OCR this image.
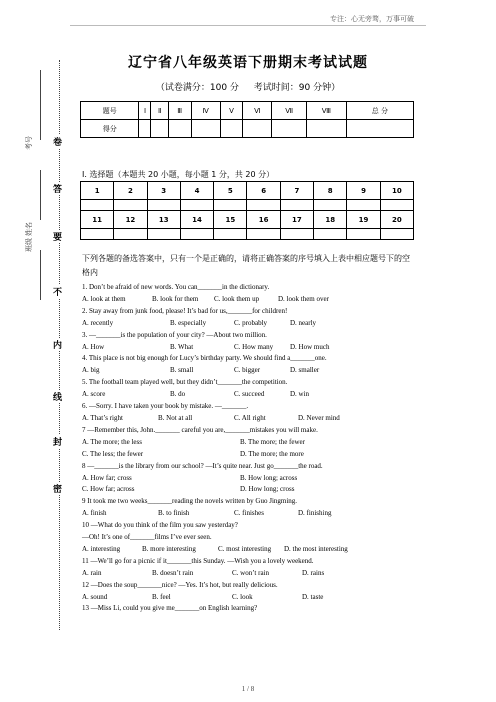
专注：心无旁骛，万事可破
考号
姓名
班级
卷
答
要
不
内
线
封
密
辽宁省八年级英语下册期末考试试题
（试卷满分：100 分 考试时间：90 分钟）
题号	Ⅰ	Ⅱ	Ⅲ	Ⅳ	Ⅴ	Ⅵ	Ⅶ	Ⅷ	总 分
得分									
Ⅰ. 选择题（本题共 20 小题，每小题 1 分，共 20 分）
1	2	3	4	5	6	7	8	9	10

11	12	13	14	15	16	17	18	19	20

下列各题的备选答案中，只有一个是正确的，请将正确答案的序号填入上表中相应题号下的空格内
1. Don’t be afraid of new words. You can_______in the dictionary.
A. look at them	B. look for them	C. look them up	D. look them over
2. Stay away from junk food, please! It’s bad for us,_______for children!
A. recently	B. especially	C. probably	D. nearly
3. —_______is the population of your city? —About two million.
A. How	B. What	C. How many	D. How much
4. This place is not big enough for Lucy’s birthday party. We should find a_______one.
A. big	B. small	C. bigger	D. smaller
5. The football team played well, but they didn’t_______the competition.
A. score	B. do	C. succeed	D. win
6. —Sorry. I have taken your book by mistake. —_______.
A. That’s right	B. Not at all	C. All right	D. Never mind
7 —Remember this, John._______ careful you are,_______mistakes you will make.
A. The more; the less	B. The more; the fewer
C. The less; the fewer	D. The more; the more
8 —_______is the library from our school? —It’s quite near. Just go_______the road.
A. How far; cross	B. How long; across
C. How far; across	D. How long; cross
9 It took me two weeks_______reading the novels written by Guo Jingming.
A. finish	B. to finish	C. finishes	D. finishing
10 —What do you think of the film you saw yesterday?
—Oh! It’s one of_______films I’ve ever seen.
A. interesting	B. more interesting	C. most interesting	D. the most interesting
11 —We’ll go for a picnic if it_______this Sunday. —Wish you a lovely weekend.
A. rain	B. doesn’t rain	C. won’t rain	D. rains
12 —Does the soup_______nice? —Yes. It’s hot, but really delicious.
A. sound	B. feel	C. look	D. taste
13 —Miss Li, could you give me_______on English learning?
1 / 8
